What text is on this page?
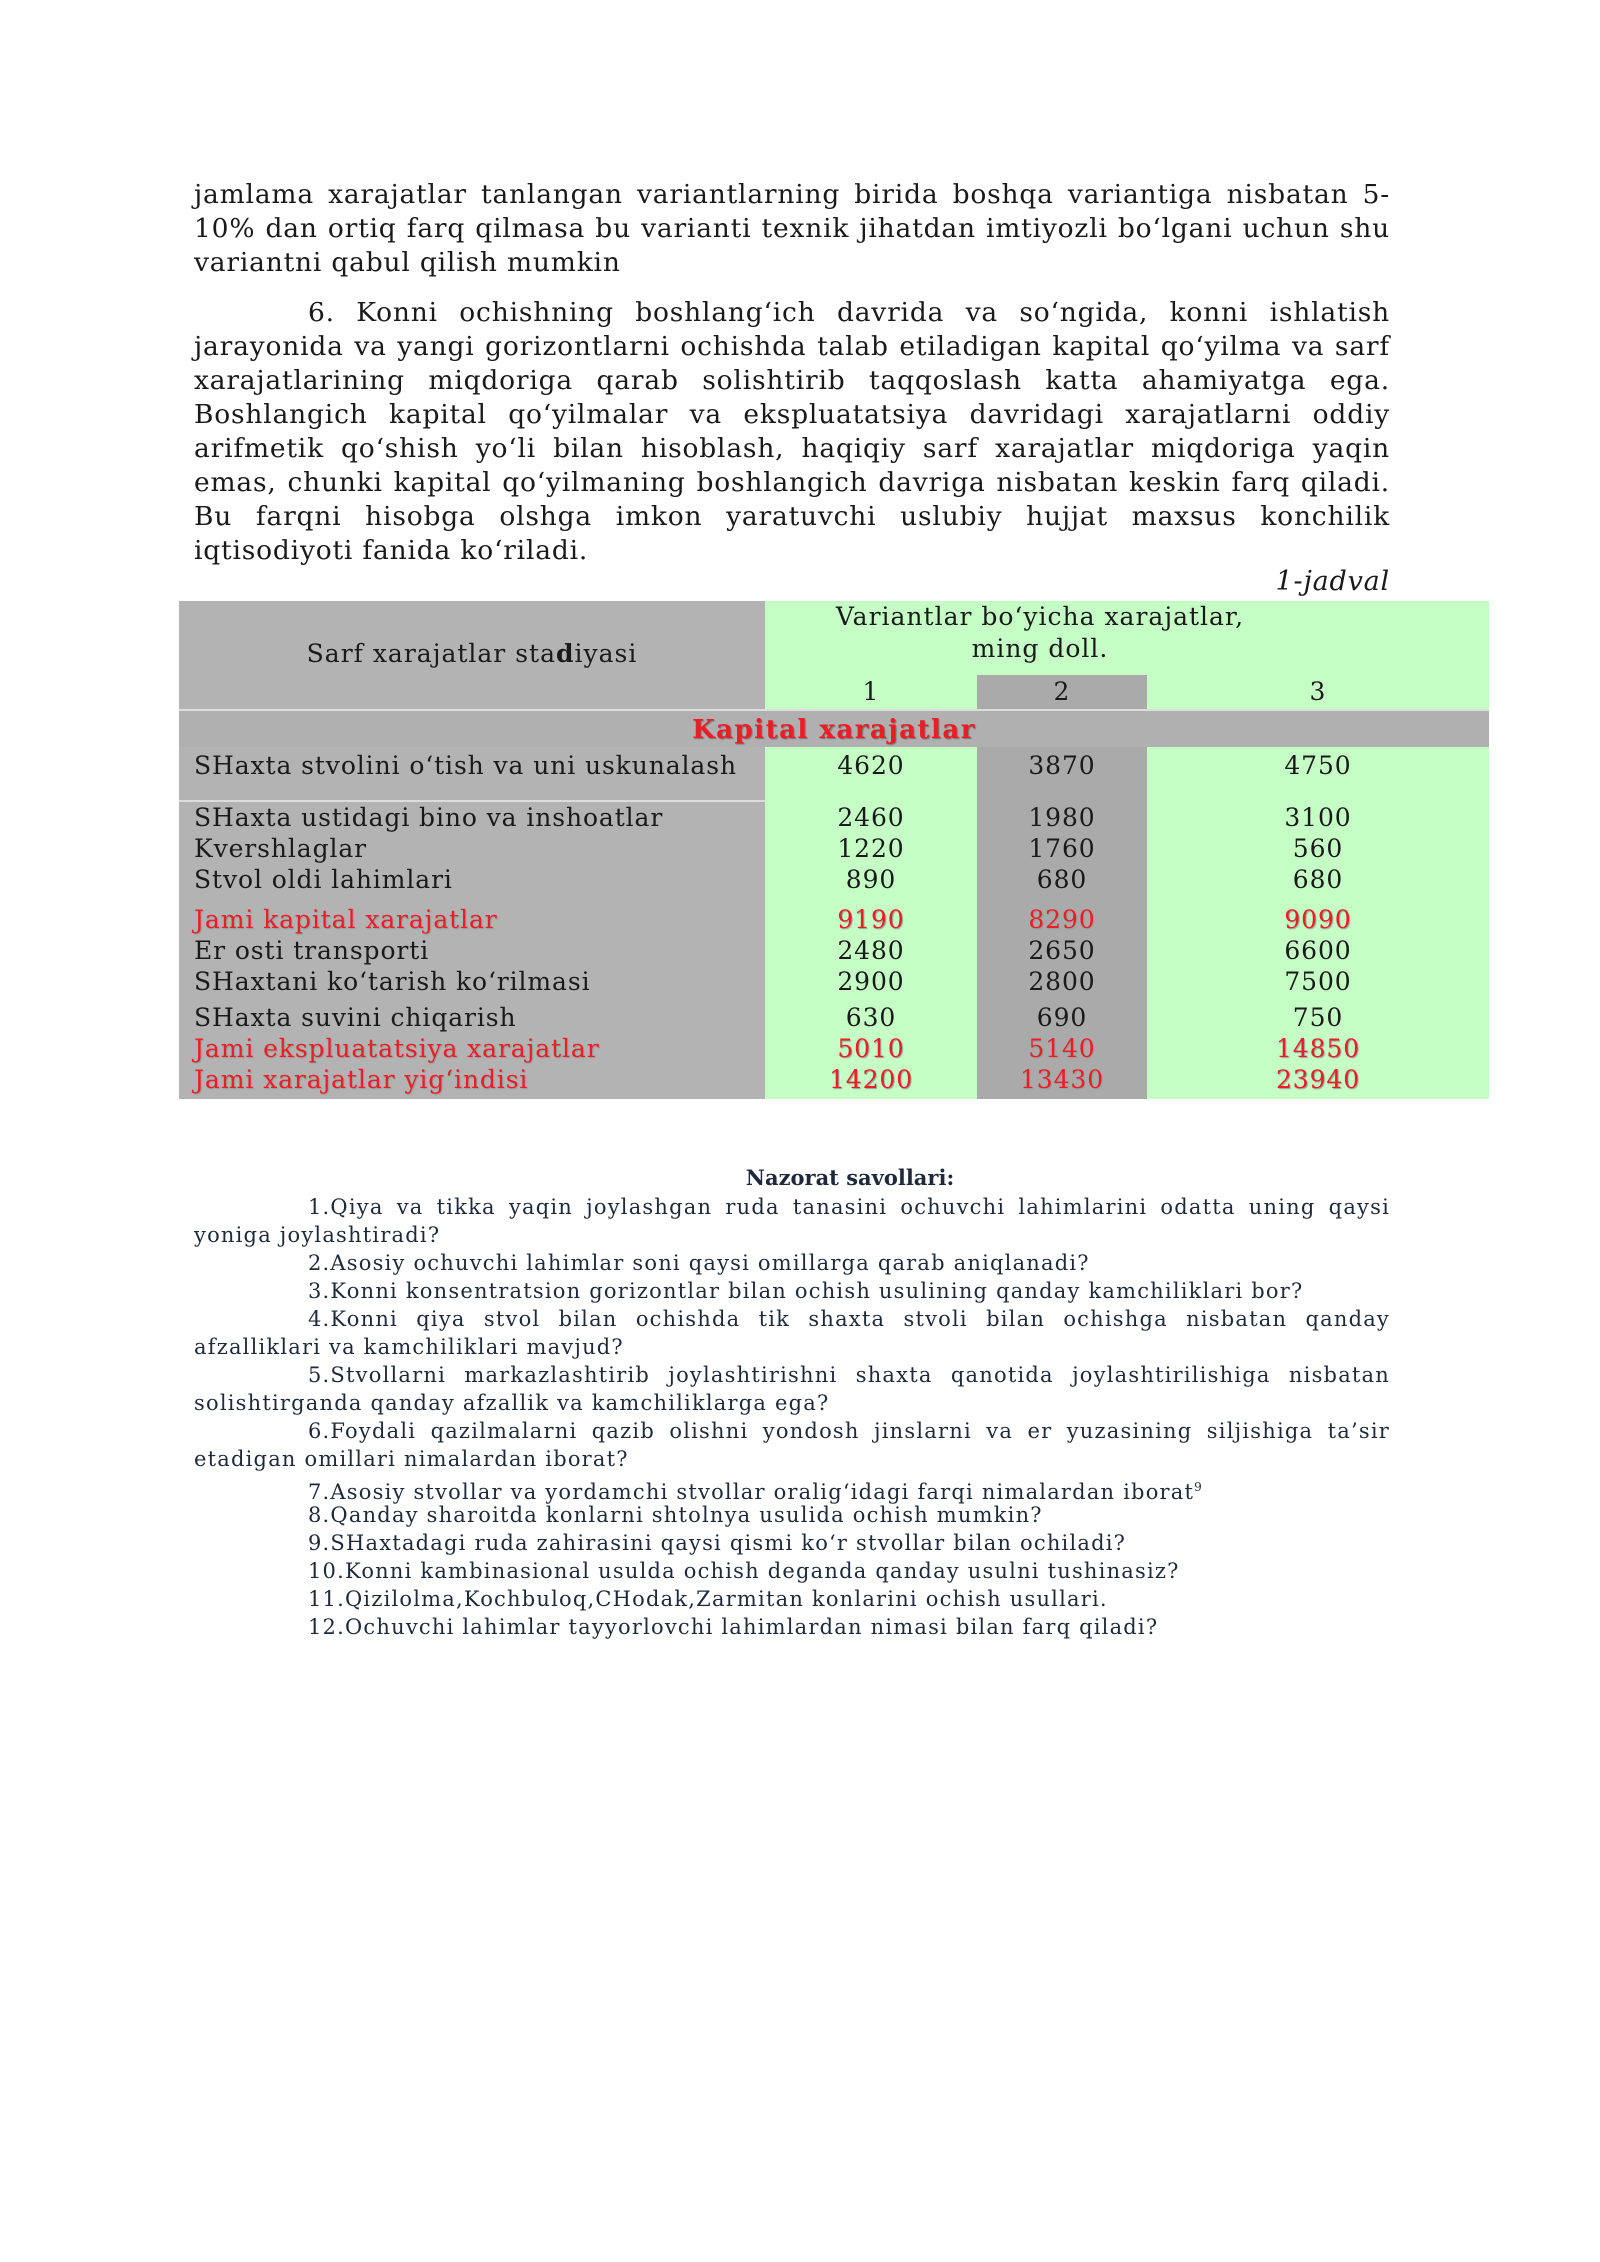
jamlama xarajatlar tanlangan variantlarning birida boshqa variantiga nisbatan 5-10% dan ortiq farq qilmasa bu varianti texnik jihatdan imtiyozli bo‘lgani uchun shu variantni qabul qilish mumkin

6. Konni ochishning boshlang‘ich davrida va so‘ngida, konni ishlatish jarayonida va yangi gorizontlarni ochishda talab etiladigan kapital qo‘yilma va sarf xarajatlarining miqdoriga qarab solishtirib taqqoslash katta ahamiyatga ega. Boshlangich kapital qo‘yilmalar va ekspluatatsiya davridagi xarajatlarni oddiy arifmetik qo‘shish yo‘li bilan hisoblash, haqiqiy sarf xarajatlar miqdoriga yaqin emas, chunki kapital qo‘yilmaning boshlangich davriga nisbatan keskin farq qiladi. Bu farqni hisobga olshga imkon yaratuvchi uslubiy hujjat maxsus konchilik iqtisodiyoti fanida ko‘riladi.

1-jadval
Sarf xarajatlar stadiyasi
Variantlar bo‘yicha xarajatlar,
ming doll.
1	2	3
Kapital xarajatlar
SHaxta stvolini o‘tish va uni uskunalash	4620	3870	4750
SHaxta ustidagi bino va inshoatlar	2460	1980	3100
Kvershlaglar	1220	1760	560
Stvol oldi lahimlari	890	680	680
Jami kapital xarajatlar	9190	8290	9090
Er osti transporti	2480	2650	6600
SHaxtani ko‘tarish ko‘rilmasi	2900	2800	7500
SHaxta suvini chiqarish	630	690	750
Jami ekspluatatsiya xarajatlar	5010	5140	14850
Jami xarajatlar yig‘indisi	14200	13430	23940
Nazorat savollari:

1.Qiya va tikka yaqin joylashgan ruda tanasini ochuvchi lahimlarini odatta uning qaysi yoniga joylashtiradi?

2.Asosiy ochuvchi lahimlar soni qaysi omillarga qarab aniqlanadi?

3.Konni konsentratsion gorizontlar bilan ochish usulining qanday kamchiliklari bor?

4.Konni qiya stvol bilan ochishda tik shaxta stvoli bilan ochishga nisbatan qanday afzalliklari va kamchiliklari mavjud?

5.Stvollarni markazlashtirib joylashtirishni shaxta qanotida joylashtirilishiga nisbatan solishtirganda qanday afzallik va kamchiliklarga ega?

6.Foydali qazilmalarni qazib olishni yondosh jinslarni va er yuzasining siljishiga ta’sir etadigan omillari nimalardan iborat?

7.Asosiy stvollar va yordamchi stvollar oralig‘idagi farqi nimalardan iborat$^9$

8.Qanday sharoitda konlarni shtolnya usulida ochish mumkin?

9.SHaxtadagi ruda zahirasini qaysi qismi ko‘r stvollar bilan ochiladi?

10.Konni kambinasional usulda ochish deganda qanday usulni tushinasiz?

11.Qizilolma,Kochbuloq,CHodak,Zarmitan konlarini ochish usullari.

12.Ochuvchi lahimlar tayyorlovchi lahimlardan nimasi bilan farq qiladi?
